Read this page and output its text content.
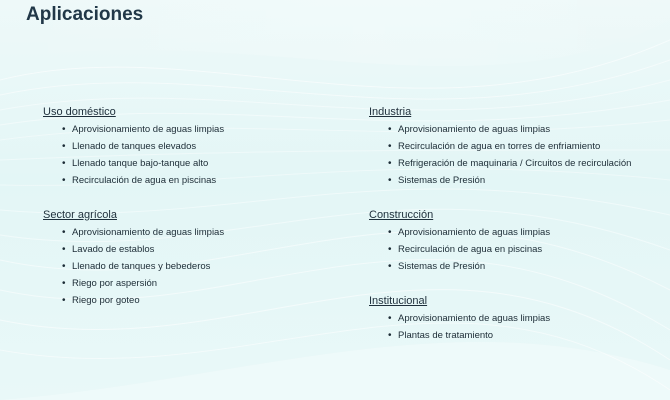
Aplicaciones
Uso doméstico
• Aprovisionamiento de aguas limpias
• Llenado de tanques elevados
• Llenado tanque bajo-tanque alto
• Recirculación de agua en piscinas
Sector agrícola
• Aprovisionamiento de aguas limpias
• Lavado de establos
• Llenado de tanques y bebederos
• Riego por aspersión
• Riego por goteo
Industria
• Aprovisionamiento de aguas limpias
• Recirculación de agua en torres de enfriamiento
• Refrigeración de maquinaria / Circuitos de recirculación
• Sistemas de Presión
Construcción
• Aprovisionamiento de aguas limpias
• Recirculación de agua en piscinas
• Sistemas de Presión
Institucional
• Aprovisionamiento de aguas limpias
• Plantas de tratamiento
